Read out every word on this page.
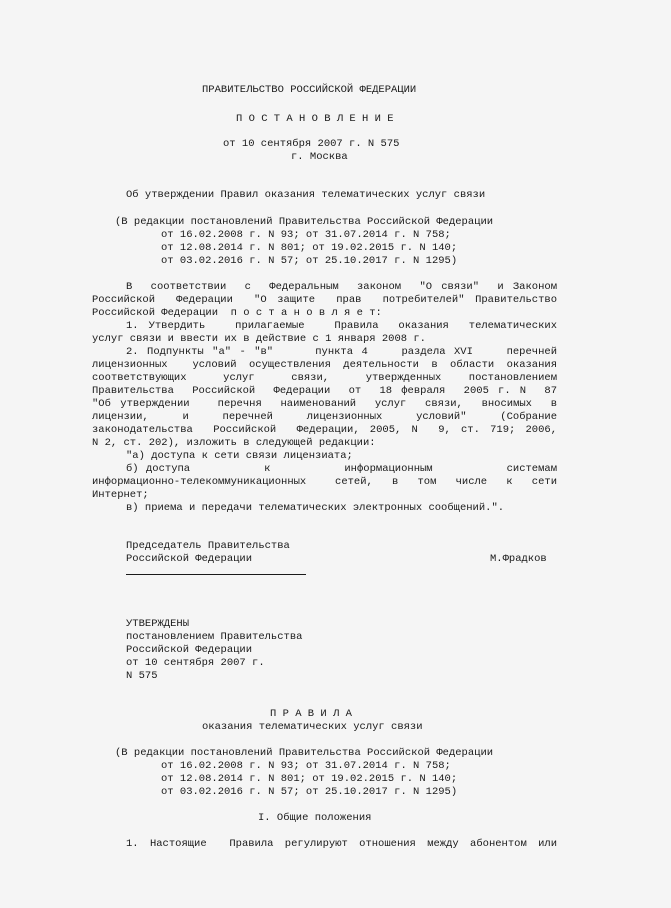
ПРАВИТЕЛЬСТВО РОССИЙСКОЙ ФЕДЕРАЦИИ

П О С Т А Н О В Л Е Н И Е

от 10 сентября 2007 г. N 575

г. Москва

Об утверждении Правил оказания телематических услуг связи

(В редакции постановлений Правительства Российской Федерации

от 16.02.2008 г. N 93; от 31.07.2014 г. N 758;

от 12.08.2014 г. N 801; от 19.02.2015 г. N 140;

от 03.02.2016 г. N 57; от 25.10.2017 г. N 1295)

В  соответствии  с  Федеральным  законом  "О связи"  и Законом

Российской  Федерации  "О защите  прав  потребителей" Правительство

Российской Федерации  п о с т а н о в л я е т:

1. Утвердить   прилагаемые   Правила  оказания  телематических

услуг связи и ввести их в действие с 1 января 2008 г.

2. Подпункты "а" - "в"     пункта 4    раздела XVI    перечней

лицензионных  условий осуществления деятельности в области оказания

соответствующих    услуг    связи,    утвержденных   постановлением

Правительства  Российской  Федерации  от  18 февраля  2005 г. N  87

"Об утверждении   перечня  наименований  услуг  связи,  вносимых  в

лицензии,    и    перечней    лицензионных    условий"    (Собрание

законодательства  Российской  Федерации, 2005, N  9, ст. 719; 2006,

N 2, ст. 202), изложить в следующей редакции:

"а) доступа к сети связи лицензиата;

б) доступа          к          информационным          системам

информационно-телекоммуникационных   сетей,  в  том  числе  к  сети

Интернет;

в) приема и передачи телематических электронных сообщений.".

Председатель Правительства

Российской Федерации	М.Фрадков

УТВЕРЖДЕНЫ

постановлением Правительства

Российской Федерации

от 10 сентября 2007 г.

N 575

П Р А В И Л А

оказания телематических услуг связи

(В редакции постановлений Правительства Российской Федерации

от 16.02.2008 г. N 93; от 31.07.2014 г. N 758;

от 12.08.2014 г. N 801; от 19.02.2015 г. N 140;

от 03.02.2016 г. N 57; от 25.10.2017 г. N 1295)

I. Общие положения

1. Настоящие  Правила регулируют отношения между абонентом или
